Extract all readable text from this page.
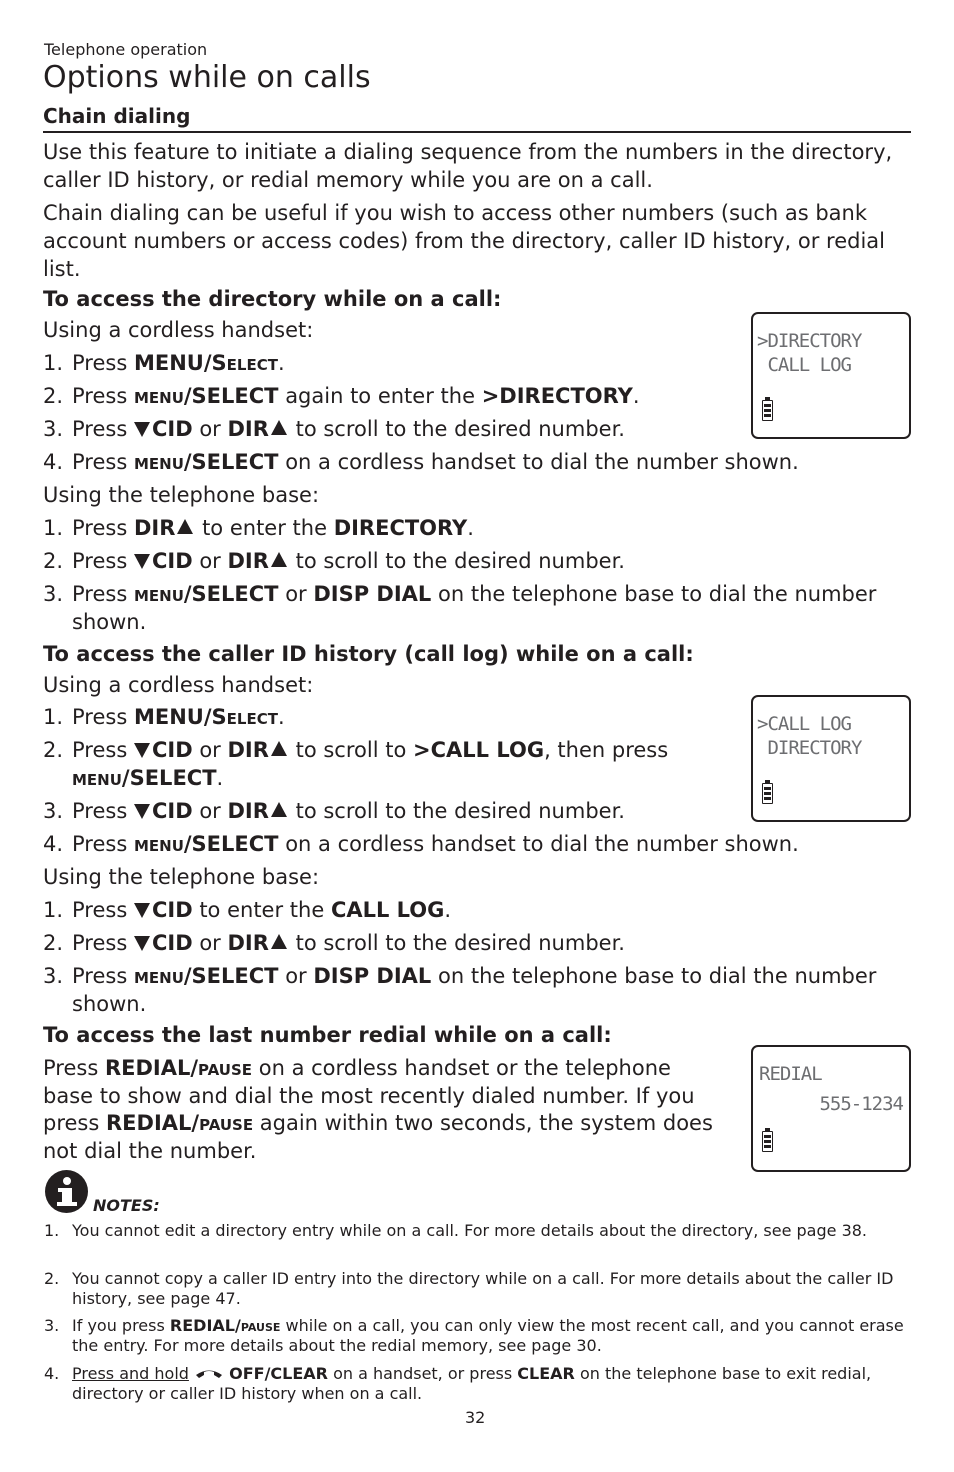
Telephone operation
Options while on calls
Chain dialing
Use this feature to initiate a dialing sequence from the numbers in the directory, caller ID history, or redial memory while you are on a call.
Chain dialing can be useful if you wish to access other numbers (such as bank account numbers or access codes) from the directory, caller ID history, or redial list.
To access the directory while on a call:
Using a cordless handset:
1. Press MENU/Select.
2. Press menu/SELECT again to enter the >DIRECTORY.
3. Press CID or DIR to scroll to the desired number.
4. Press menu/SELECT on a cordless handset to dial the number shown.
Using the telephone base:
1. Press DIR to enter the DIRECTORY.
2. Press CID or DIR to scroll to the desired number.
3. Press menu/SELECT or DISP DIAL on the telephone base to dial the number
shown.
To access the caller ID history (call log) while on a call:
Using a cordless handset:
1. Press MENU/Select.
2. Press CID or DIR to scroll to >CALL LOG, then press
menu/SELECT.
3. Press CID or DIR to scroll to the desired number.
4. Press menu/SELECT on a cordless handset to dial the number shown.
Using the telephone base:
1. Press CID to enter the CALL LOG.
2. Press CID or DIR to scroll to the desired number.
3. Press menu/SELECT or DISP DIAL on the telephone base to dial the number
shown.
To access the last number redial while on a call:
Press REDIAL/pause on a cordless handset or the telephone
base to show and dial the most recently dialed number. If you
press REDIAL/pause again within two seconds, the system does
not dial the number.
>DIRECTORY
CALL LOG
>CALL LOG
DIRECTORY
REDIAL
555-1234
NOTES:
1. You cannot edit a directory entry while on a call. For more details about the directory, see page 38.
2. You cannot copy a caller ID entry into the directory while on a call. For more details about the caller ID history, see page 47.
3. If you press REDIAL/pause while on a call, you can only view the most recent call, and you cannot erase the entry. For more details about the redial memory, see page 30.
4. Press and hold	OFF/CLEAR on a handset, or press CLEAR on the telephone base to exit redial, directory or caller ID history when on a call.
32
